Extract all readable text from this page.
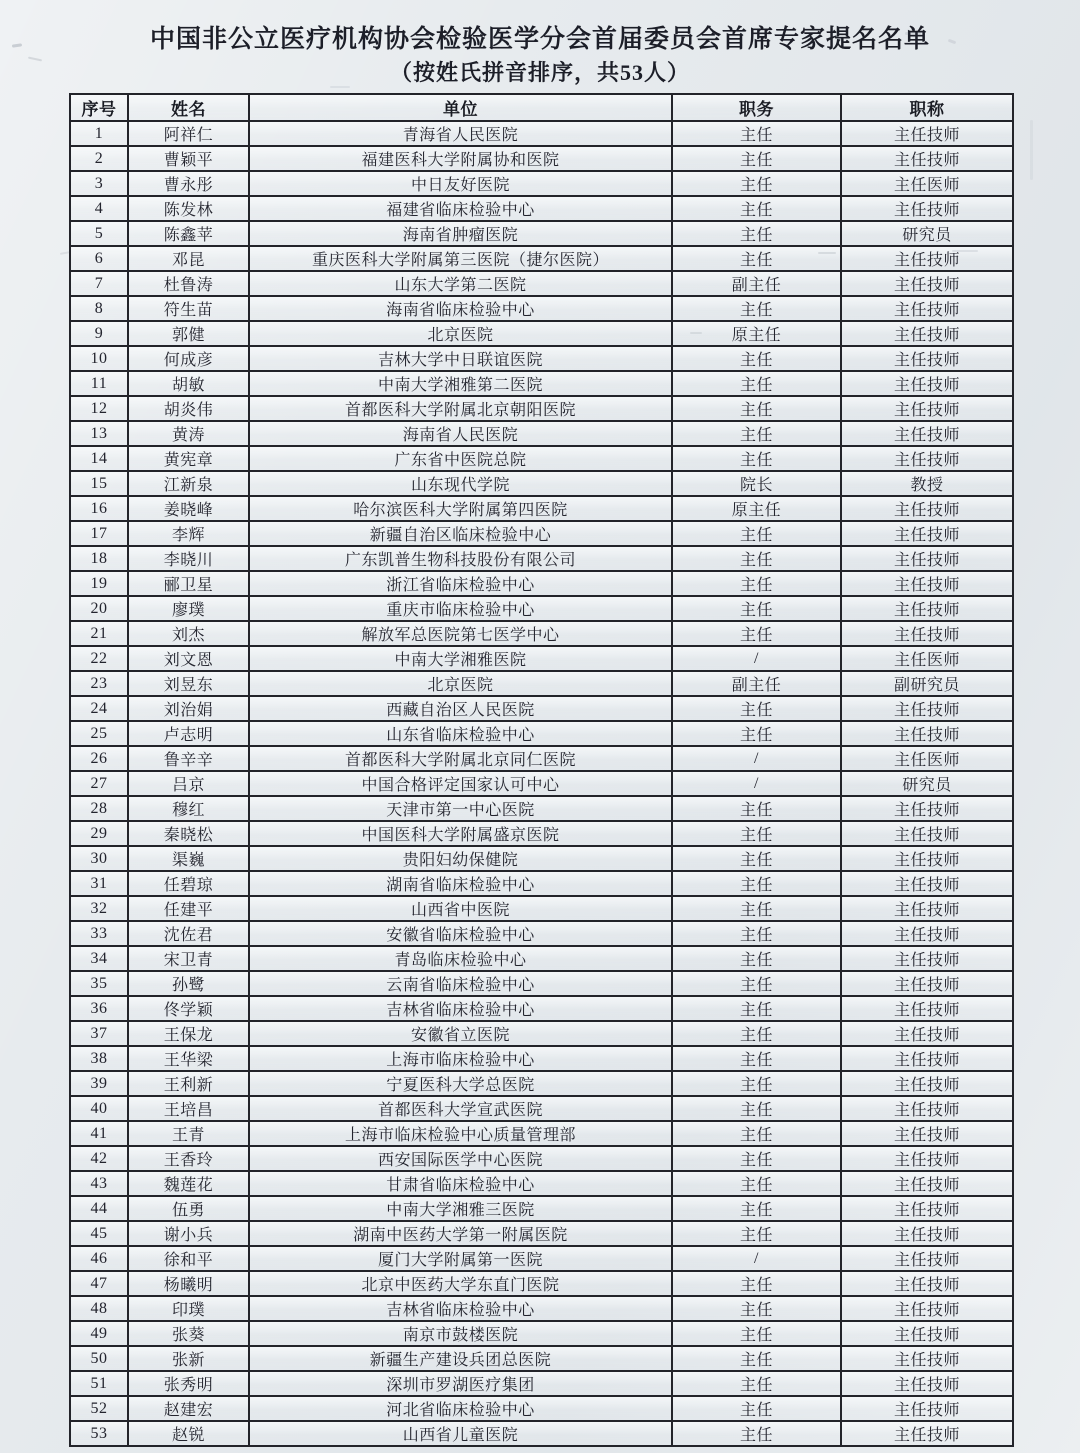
中国非公立医疗机构协会检验医学分会首届委员会首席专家提名名单
（按姓氏拼音排序，共53人）
序号	姓名	单位	职务	职称
1	阿祥仁	青海省人民医院	主任	主任技师
2	曹颖平	福建医科大学附属协和医院	主任	主任技师
3	曹永彤	中日友好医院	主任	主任医师
4	陈发林	福建省临床检验中心	主任	主任技师
5	陈鑫苹	海南省肿瘤医院	主任	研究员
6	邓昆	重庆医科大学附属第三医院（捷尔医院）	主任	主任技师
7	杜鲁涛	山东大学第二医院	副主任	主任技师
8	符生苗	海南省临床检验中心	主任	主任技师
9	郭健	北京医院	原主任	主任技师
10	何成彦	吉林大学中日联谊医院	主任	主任技师
11	胡敏	中南大学湘雅第二医院	主任	主任技师
12	胡炎伟	首都医科大学附属北京朝阳医院	主任	主任技师
13	黄涛	海南省人民医院	主任	主任技师
14	黄宪章	广东省中医院总院	主任	主任技师
15	江新泉	山东现代学院	院长	教授
16	姜晓峰	哈尔滨医科大学附属第四医院	原主任	主任技师
17	李辉	新疆自治区临床检验中心	主任	主任技师
18	李晓川	广东凯普生物科技股份有限公司	主任	主任技师
19	郦卫星	浙江省临床检验中心	主任	主任技师
20	廖璞	重庆市临床检验中心	主任	主任技师
21	刘杰	解放军总医院第七医学中心	主任	主任技师
22	刘文恩	中南大学湘雅医院	/	主任医师
23	刘昱东	北京医院	副主任	副研究员
24	刘治娟	西藏自治区人民医院	主任	主任技师
25	卢志明	山东省临床检验中心	主任	主任技师
26	鲁辛辛	首都医科大学附属北京同仁医院	/	主任医师
27	吕京	中国合格评定国家认可中心	/	研究员
28	穆红	天津市第一中心医院	主任	主任技师
29	秦晓松	中国医科大学附属盛京医院	主任	主任技师
30	渠巍	贵阳妇幼保健院	主任	主任技师
31	任碧琼	湖南省临床检验中心	主任	主任技师
32	任建平	山西省中医院	主任	主任技师
33	沈佐君	安徽省临床检验中心	主任	主任技师
34	宋卫青	青岛临床检验中心	主任	主任技师
35	孙鹭	云南省临床检验中心	主任	主任技师
36	佟学颖	吉林省临床检验中心	主任	主任技师
37	王保龙	安徽省立医院	主任	主任技师
38	王华梁	上海市临床检验中心	主任	主任技师
39	王利新	宁夏医科大学总医院	主任	主任技师
40	王培昌	首都医科大学宣武医院	主任	主任技师
41	王青	上海市临床检验中心质量管理部	主任	主任技师
42	王香玲	西安国际医学中心医院	主任	主任技师
43	魏莲花	甘肃省临床检验中心	主任	主任技师
44	伍勇	中南大学湘雅三医院	主任	主任技师
45	谢小兵	湖南中医药大学第一附属医院	主任	主任技师
46	徐和平	厦门大学附属第一医院	/	主任技师
47	杨曦明	北京中医药大学东直门医院	主任	主任技师
48	印璞	吉林省临床检验中心	主任	主任技师
49	张葵	南京市鼓楼医院	主任	主任技师
50	张新	新疆生产建设兵团总医院	主任	主任技师
51	张秀明	深圳市罗湖医疗集团	主任	主任技师
52	赵建宏	河北省临床检验中心	主任	主任技师
53	赵锐	山西省儿童医院	主任	主任技师
